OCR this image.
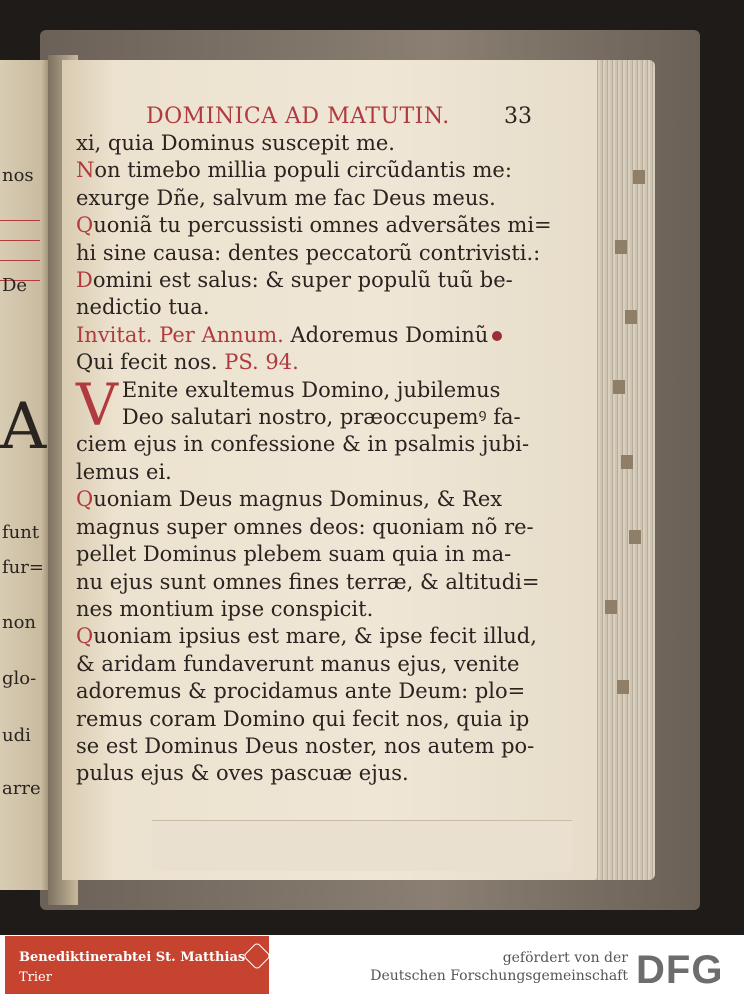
nos
De
A
funt
fur=
non
glo-
udi
arre
DOMINICA AD MATUTIN. 33
xi, quia Dominus suscepit me.
Non timebo millia populi circũdantis me:
exurge Dñe, salvum me fac Deus meus.
Quoniã tu percussisti omnes adversãtes mi=
hi sine causa: dentes peccatorũ contrivisti.:
Domini est salus: & super populũ tuũ be-
nedictio tua.
Invitat. Per Annum. Adoremus Dominũ
Qui fecit nos. PS. 94.
V Enite exultemus Domino, jubilemus
Deo salutari nostro, præoccupemꝰ fa-
ciem ejus in confessione & in psalmis jubi-
lemus ei.
Quoniam Deus magnus Dominus, & Rex
magnus super omnes deos: quoniam nõ re-
pellet Dominus plebem suam quia in ma-
nu ejus sunt omnes fines terræ, & altitudi=
nes montium ipse conspicit.
Quoniam ipsius est mare, & ipse fecit illud,
& aridam fundaverunt manus ejus, venite
adoremus & procidamus ante Deum: plo=
remus coram Domino qui fecit nos, quia ip
se est Dominus Deus noster, nos autem po-
pulus ejus & oves pascuæ ejus.
Benediktinerabtei St. Matthias
Trier
gefördert von der
Deutschen Forschungsgemeinschaft DFG
